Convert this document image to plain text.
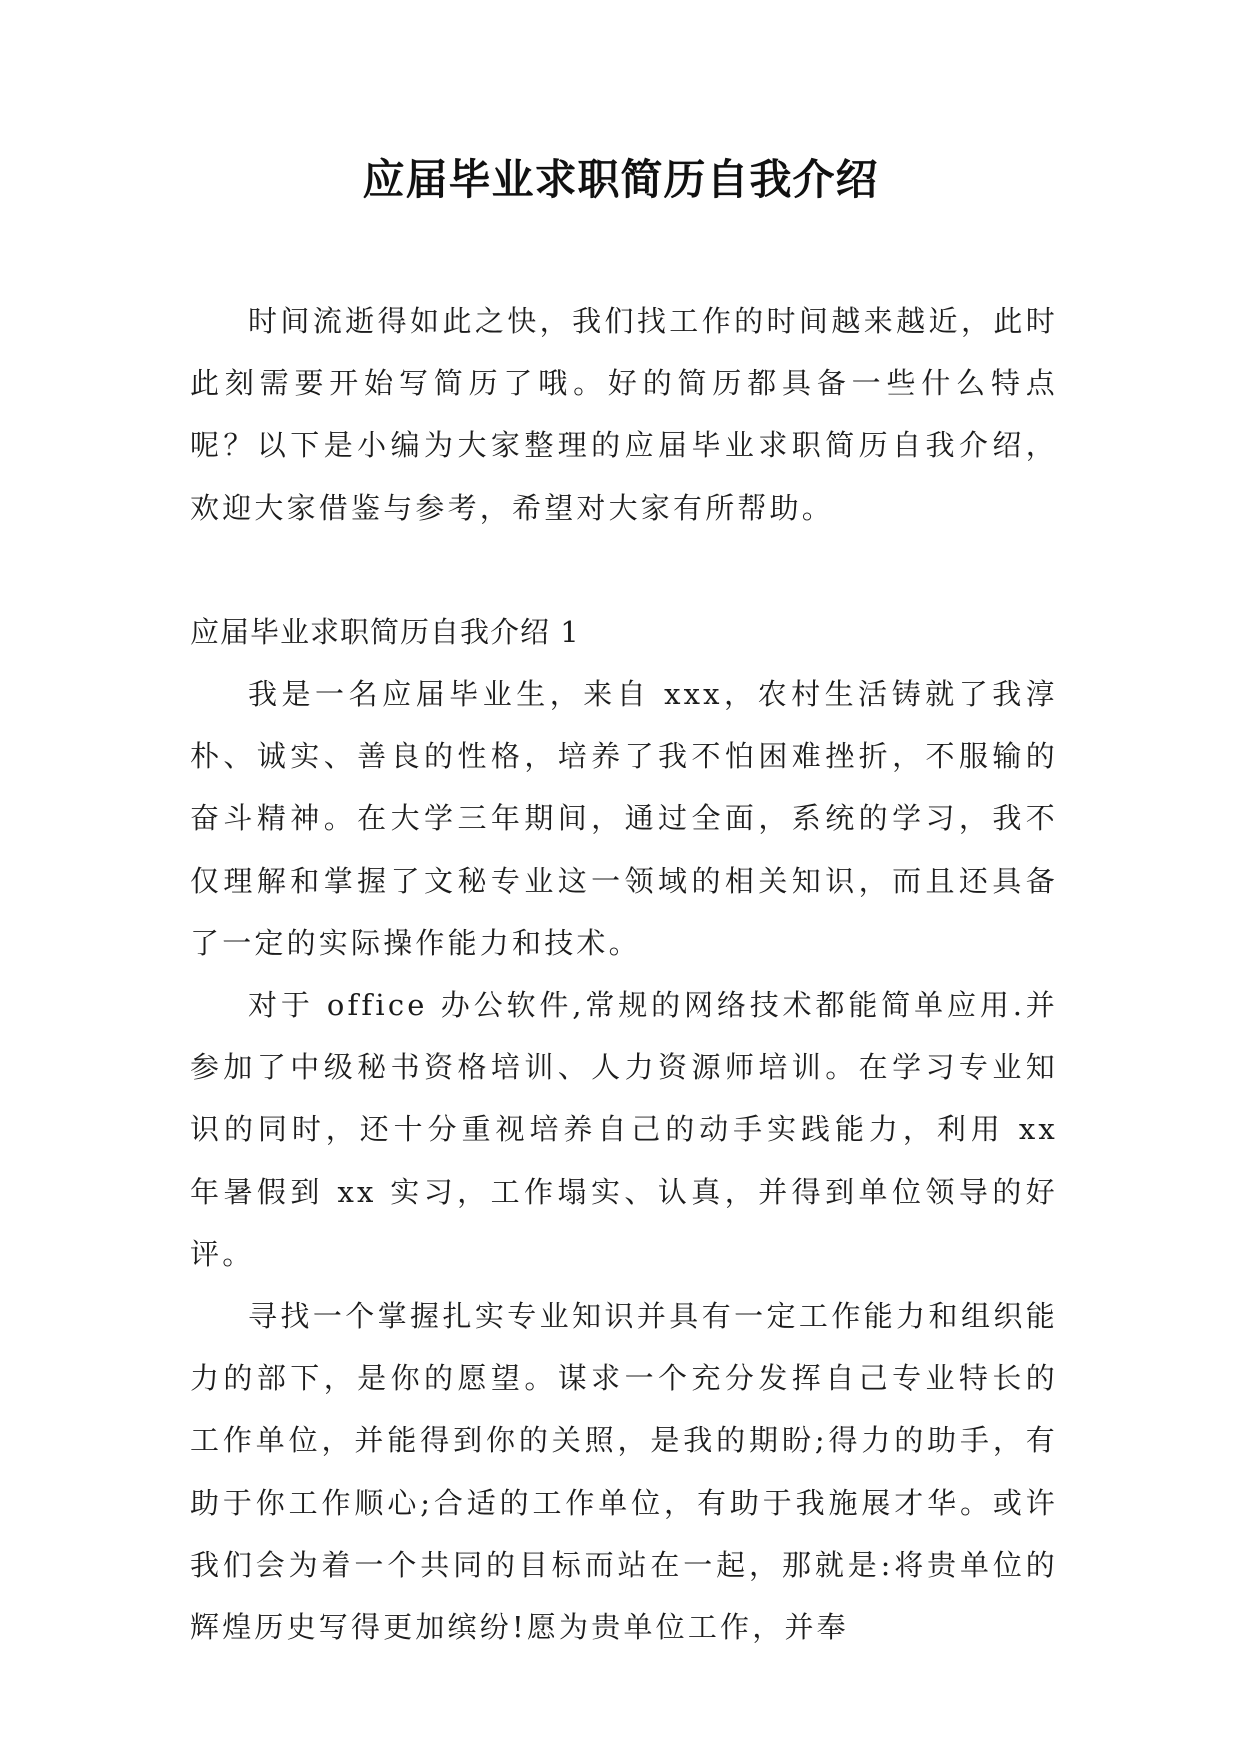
应届毕业求职简历自我介绍

时间流逝得如此之快，我们找工作的时间越来越近，此时此刻需要开始写简历了哦。好的简历都具备一些什么特点呢？以下是小编为大家整理的应届毕业求职简历自我介绍，欢迎大家借鉴与参考，希望对大家有所帮助。

应届毕业求职简历自我介绍 1

我是一名应届毕业生，来自 xxx，农村生活铸就了我淳朴、诚实、善良的性格，培养了我不怕困难挫折，不服输的奋斗精神。在大学三年期间，通过全面，系统的学习，我不仅理解和掌握了文秘专业这一领域的相关知识，而且还具备了一定的实际操作能力和技术。

对于 office 办公软件,常规的网络技术都能简单应用.并参加了中级秘书资格培训、人力资源师培训。在学习专业知识的同时，还十分重视培养自己的动手实践能力，利用 xx 年暑假到 xx 实习，工作塌实、认真，并得到单位领导的好评。

寻找一个掌握扎实专业知识并具有一定工作能力和组织能力的部下，是你的愿望。谋求一个充分发挥自己专业特长的工作单位，并能得到你的关照，是我的期盼;得力的助手，有助于你工作顺心;合适的工作单位，有助于我施展才华。或许我们会为着一个共同的目标而站在一起，那就是:将贵单位的辉煌历史写得更加缤纷!愿为贵单位工作，并奉
